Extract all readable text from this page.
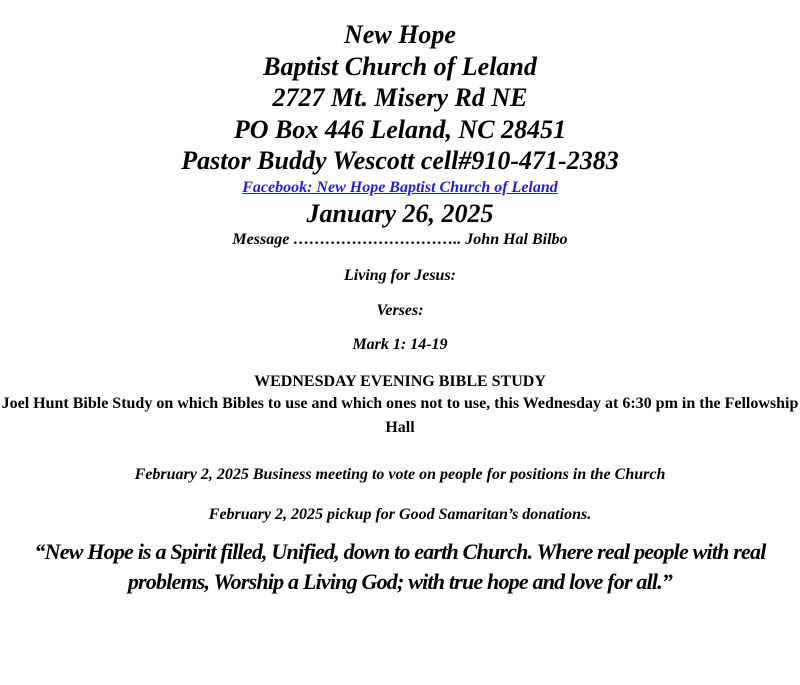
New Hope

Baptist Church of Leland

2727 Mt. Misery Rd NE

PO Box 446 Leland, NC 28451

Pastor Buddy Wescott cell#910-471-2383

Facebook: New Hope Baptist Church of Leland

January 26, 2025

Message ………………………….. John Hal Bilbo

Living for Jesus:

Verses:

Mark 1: 14-19

WEDNESDAY EVENING BIBLE STUDY

Joel Hunt Bible Study on which Bibles to use and which ones not to use, this Wednesday at 6:30 pm in the Fellowship Hall

February 2, 2025 Business meeting to vote on people for positions in the Church

February 2, 2025 pickup for Good Samaritan’s donations.

“New Hope is a Spirit filled, Unified, down to earth Church. Where real people with real problems, Worship a Living God; with true hope and love for all.”
